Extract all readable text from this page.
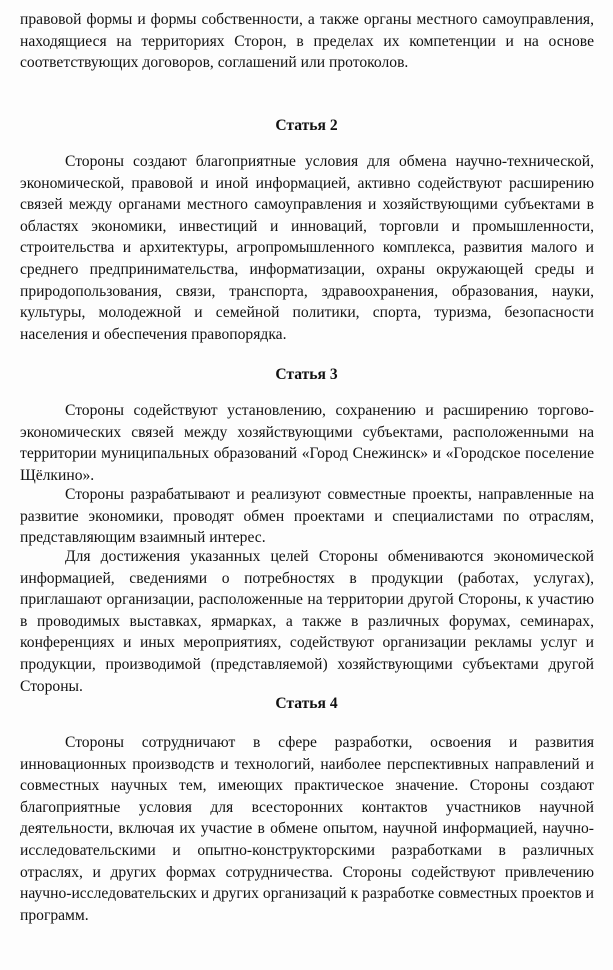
правовой формы и формы собственности, а также органы местного самоуправления, находящиеся на территориях Сторон, в пределах их компетенции и на основе соответствующих договоров, соглашений или протоколов.

Статья 2

Стороны создают благоприятные условия для обмена научно-технической, экономической, правовой и иной информацией, активно содействуют расширению связей между органами местного самоуправления и хозяйствующими субъектами в областях экономики, инвестиций и инноваций, торговли и промышленности, строительства и архитектуры, агропромышленного комплекса, развития малого и среднего предпринимательства, информатизации, охраны окружающей среды и природопользования, связи, транспорта, здравоохранения, образования, науки, культуры, молодежной и семейной политики, спорта, туризма, безопасности населения и обеспечения правопорядка.

Статья 3

Стороны содействуют установлению, сохранению и расширению торгово- экономических связей между хозяйствующими субъектами, расположенными на территории муниципальных образований «Город Снежинск» и «Городское поселение Щёлкино».

Стороны разрабатывают и реализуют совместные проекты, направленные на развитие экономики, проводят обмен проектами и специалистами по отраслям, представляющим взаимный интерес.

Для достижения указанных целей Стороны обмениваются экономической информацией, сведениями о потребностях в продукции (работах, услугах), приглашают организации, расположенные на территории другой Стороны, к участию в проводимых выставках, ярмарках, а также в различных форумах, семинарах, конференциях и иных мероприятиях, содействуют организации рекламы услуг и продукции, производимой (представляемой) хозяйствующими субъектами другой Стороны.

Статья 4

Стороны сотрудничают в сфере разработки, освоения и развития инновационных производств и технологий, наиболее перспективных направлений и совместных научных тем, имеющих практическое значение. Стороны создают благоприятные условия для всесторонних контактов участников научной деятельности, включая их участие в обмене опытом, научной информацией, научно-исследовательскими и опытно-конструкторскими разработками в различных отраслях, и других формах сотрудничества. Стороны содействуют привлечению научно-исследовательских и других организаций к разработке совместных проектов и программ.
